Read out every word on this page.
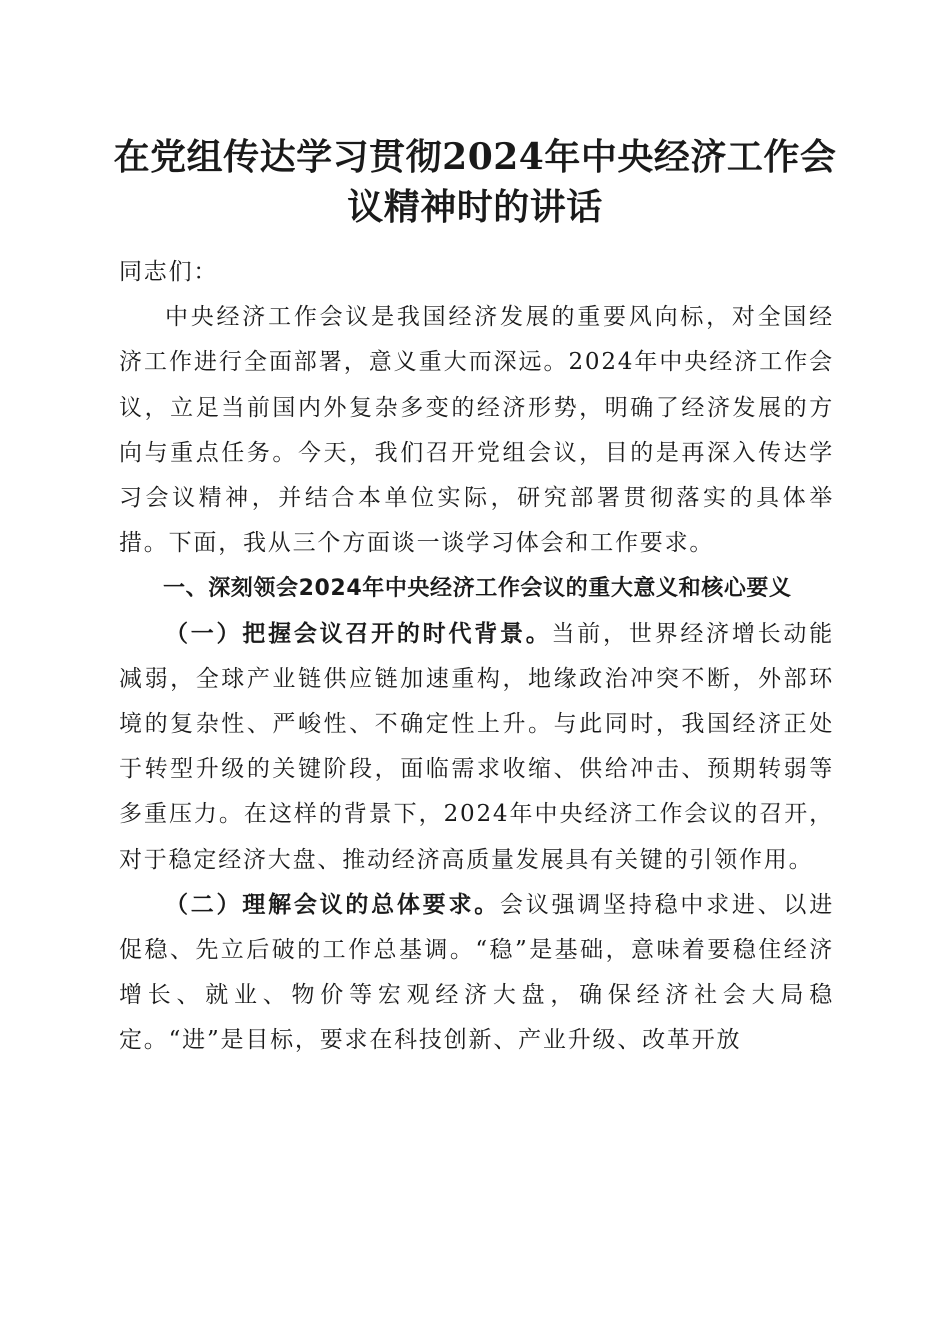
在党组传达学习贯彻2024年中央经济工作会
议精神时的讲话

同志们：

中央经济工作会议是我国经济发展的重要风向标，对全国经济工作进行全面部署，意义重大而深远。2024年中央经济工作会议，立足当前国内外复杂多变的经济形势，明确了经济发展的方向与重点任务。今天，我们召开党组会议，目的是再深入传达学习会议精神，并结合本单位实际，研究部署贯彻落实的具体举措。下面，我从三个方面谈一谈学习体会和工作要求。

一、深刻领会2024年中央经济工作会议的重大意义和核心要义

（一）把握会议召开的时代背景。当前，世界经济增长动能减弱，全球产业链供应链加速重构，地缘政治冲突不断，外部环境的复杂性、严峻性、不确定性上升。与此同时，我国经济正处于转型升级的关键阶段，面临需求收缩、供给冲击、预期转弱等多重压力。在这样的背景下，2024年中央经济工作会议的召开，对于稳定经济大盘、推动经济高质量发展具有关键的引领作用。

（二）理解会议的总体要求。会议强调坚持稳中求进、以进促稳、先立后破的工作总基调。“稳”是基础，意味着要稳住经济增长、就业、物价等宏观经济大盘，确保经济社会大局稳定。“进”是目标，要求在科技创新、产业升级、改革开放
